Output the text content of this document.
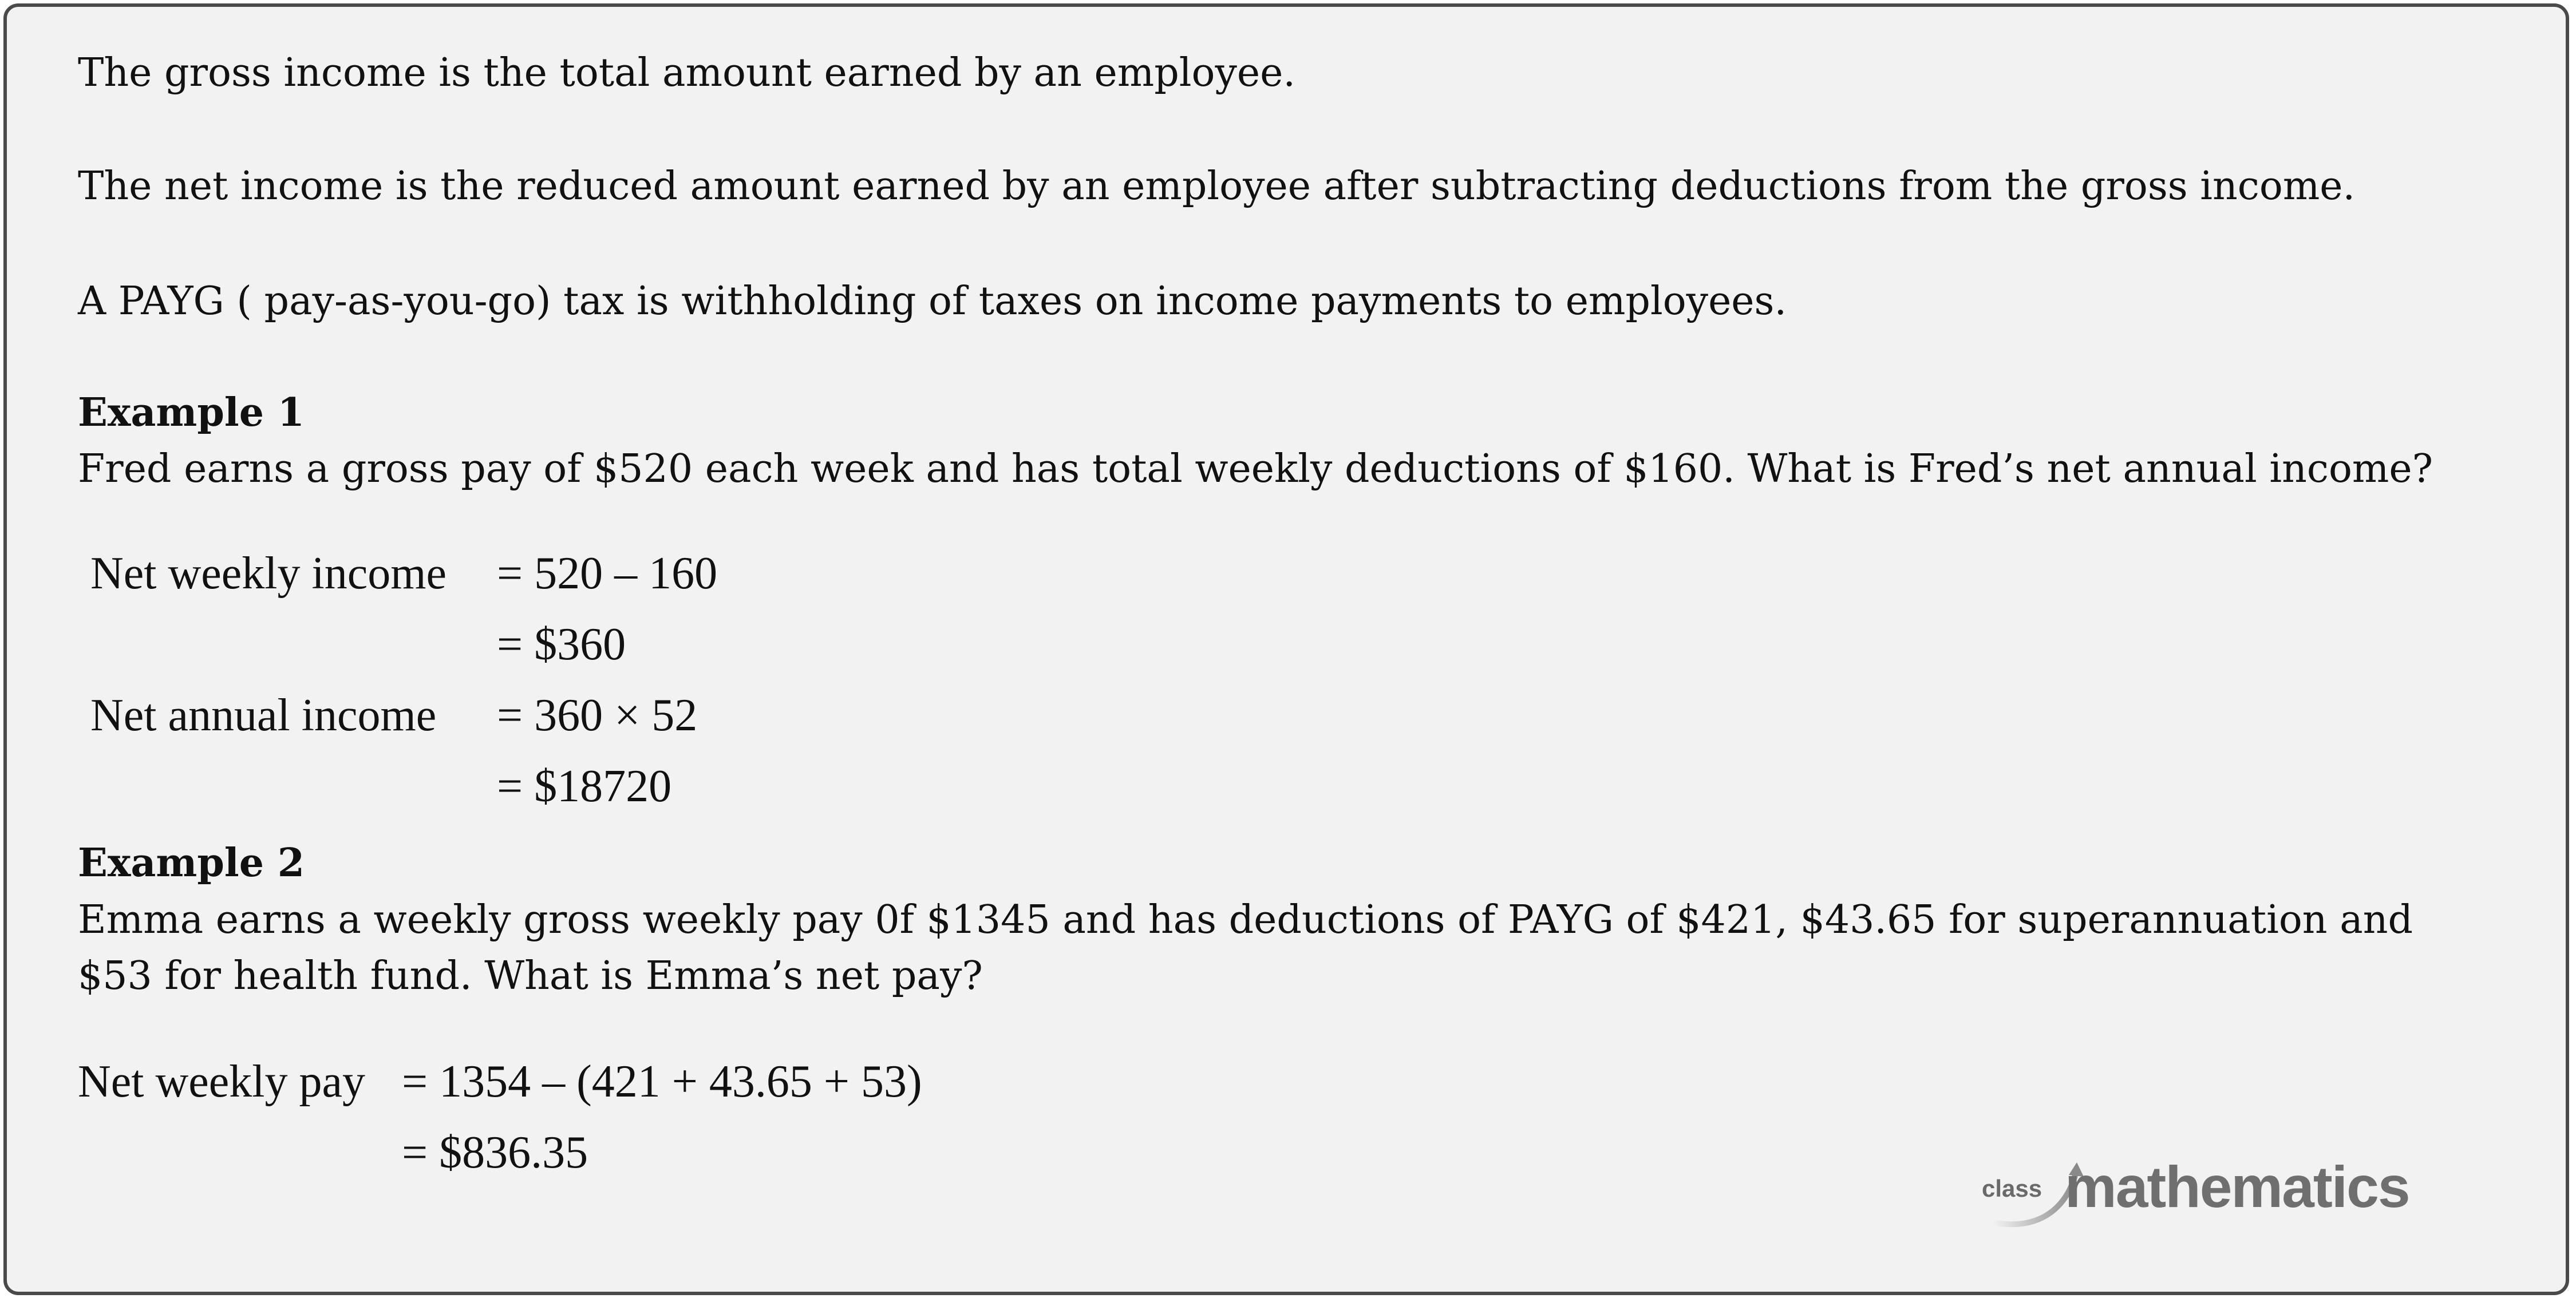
The gross income is the total amount earned by an employee.
The net income is the reduced amount earned by an employee after subtracting deductions from the gross income.
A PAYG ( pay-as-you-go) tax is withholding of taxes on income payments to employees.
Example 1
Fred earns a gross pay of $520 each week and has total weekly deductions of $160. What is Fred’s net annual income?
Net weekly income = 520 – 160
= $360
Net annual income = 360 × 52
= $18720
Example 2
Emma earns a weekly gross weekly pay 0f $1345 and has deductions of PAYG of $421, $43.65 for superannuation and
$53 for health fund. What is Emma’s net pay?
Net weekly pay = 1354 – (421 + 43.65 + 53)
= $836.35
class mathematics
